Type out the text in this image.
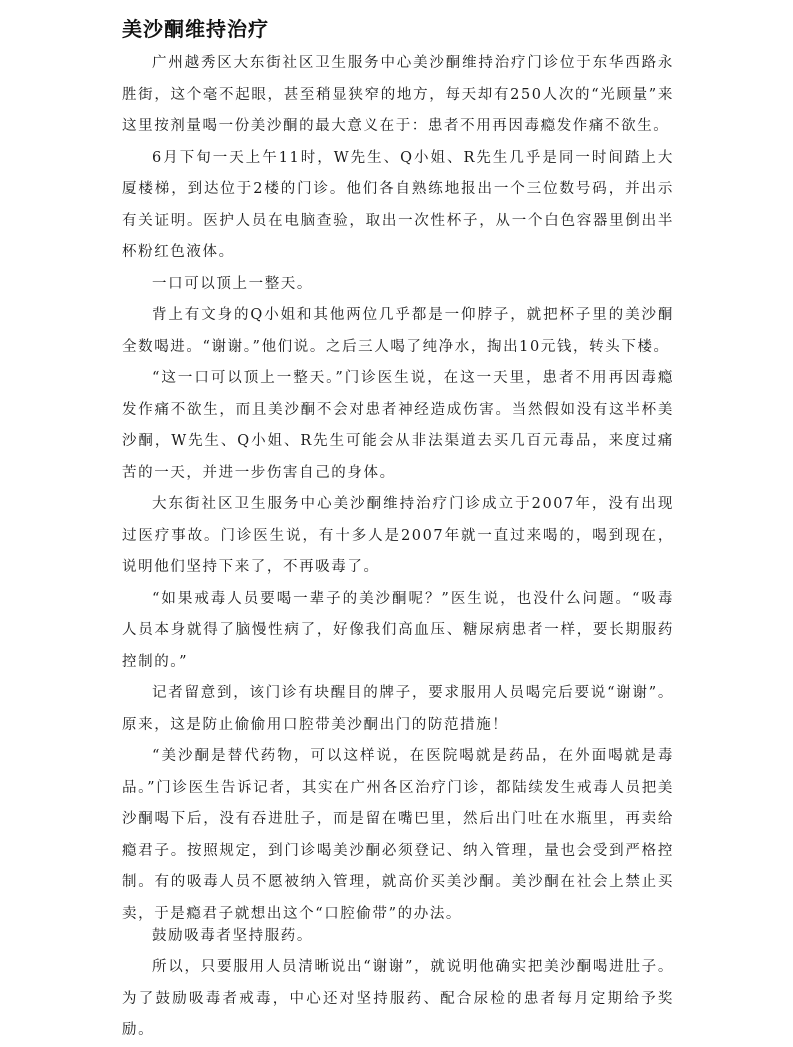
美沙酮维持治疗

广州越秀区大东街社区卫生服务中心美沙酮维持治疗门诊位于东华西路永胜街，这个毫不起眼，甚至稍显狭窄的地方，每天却有250人次的“光顾量”来这里按剂量喝一份美沙酮的最大意义在于：患者不用再因毒瘾发作痛不欲生。

6月下旬一天上午11时，W先生、Q小姐、R先生几乎是同一时间踏上大厦楼梯，到达位于2楼的门诊。他们各自熟练地报出一个三位数号码，并出示有关证明。医护人员在电脑查验，取出一次性杯子，从一个白色容器里倒出半杯粉红色液体。

一口可以顶上一整天。

背上有文身的Q小姐和其他两位几乎都是一仰脖子，就把杯子里的美沙酮全数喝进。“谢谢。”他们说。之后三人喝了纯净水，掏出10元钱，转头下楼。

“这一口可以顶上一整天。”门诊医生说，在这一天里，患者不用再因毒瘾发作痛不欲生，而且美沙酮不会对患者神经造成伤害。当然假如没有这半杯美沙酮，W先生、Q小姐、R先生可能会从非法渠道去买几百元毒品，来度过痛苦的一天，并进一步伤害自己的身体。

大东街社区卫生服务中心美沙酮维持治疗门诊成立于2007年，没有出现过医疗事故。门诊医生说，有十多人是2007年就一直过来喝的，喝到现在，说明他们坚持下来了，不再吸毒了。

“如果戒毒人员要喝一辈子的美沙酮呢？”医生说，也没什么问题。“吸毒人员本身就得了脑慢性病了，好像我们高血压、糖尿病患者一样，要长期服药控制的。”

记者留意到，该门诊有块醒目的牌子，要求服用人员喝完后要说“谢谢”。原来，这是防止偷偷用口腔带美沙酮出门的防范措施！

“美沙酮是替代药物，可以这样说，在医院喝就是药品，在外面喝就是毒品。”门诊医生告诉记者，其实在广州各区治疗门诊，都陆续发生戒毒人员把美沙酮喝下后，没有吞进肚子，而是留在嘴巴里，然后出门吐在水瓶里，再卖给瘾君子。按照规定，到门诊喝美沙酮必须登记、纳入管理，量也会受到严格控制。有的吸毒人员不愿被纳入管理，就高价买美沙酮。美沙酮在社会上禁止买卖，于是瘾君子就想出这个“口腔偷带”的办法。

鼓励吸毒者坚持服药。

所以，只要服用人员清晰说出“谢谢”，就说明他确实把美沙酮喝进肚子。为了鼓励吸毒者戒毒，中心还对坚持服药、配合尿检的患者每月定期给予奖励。
